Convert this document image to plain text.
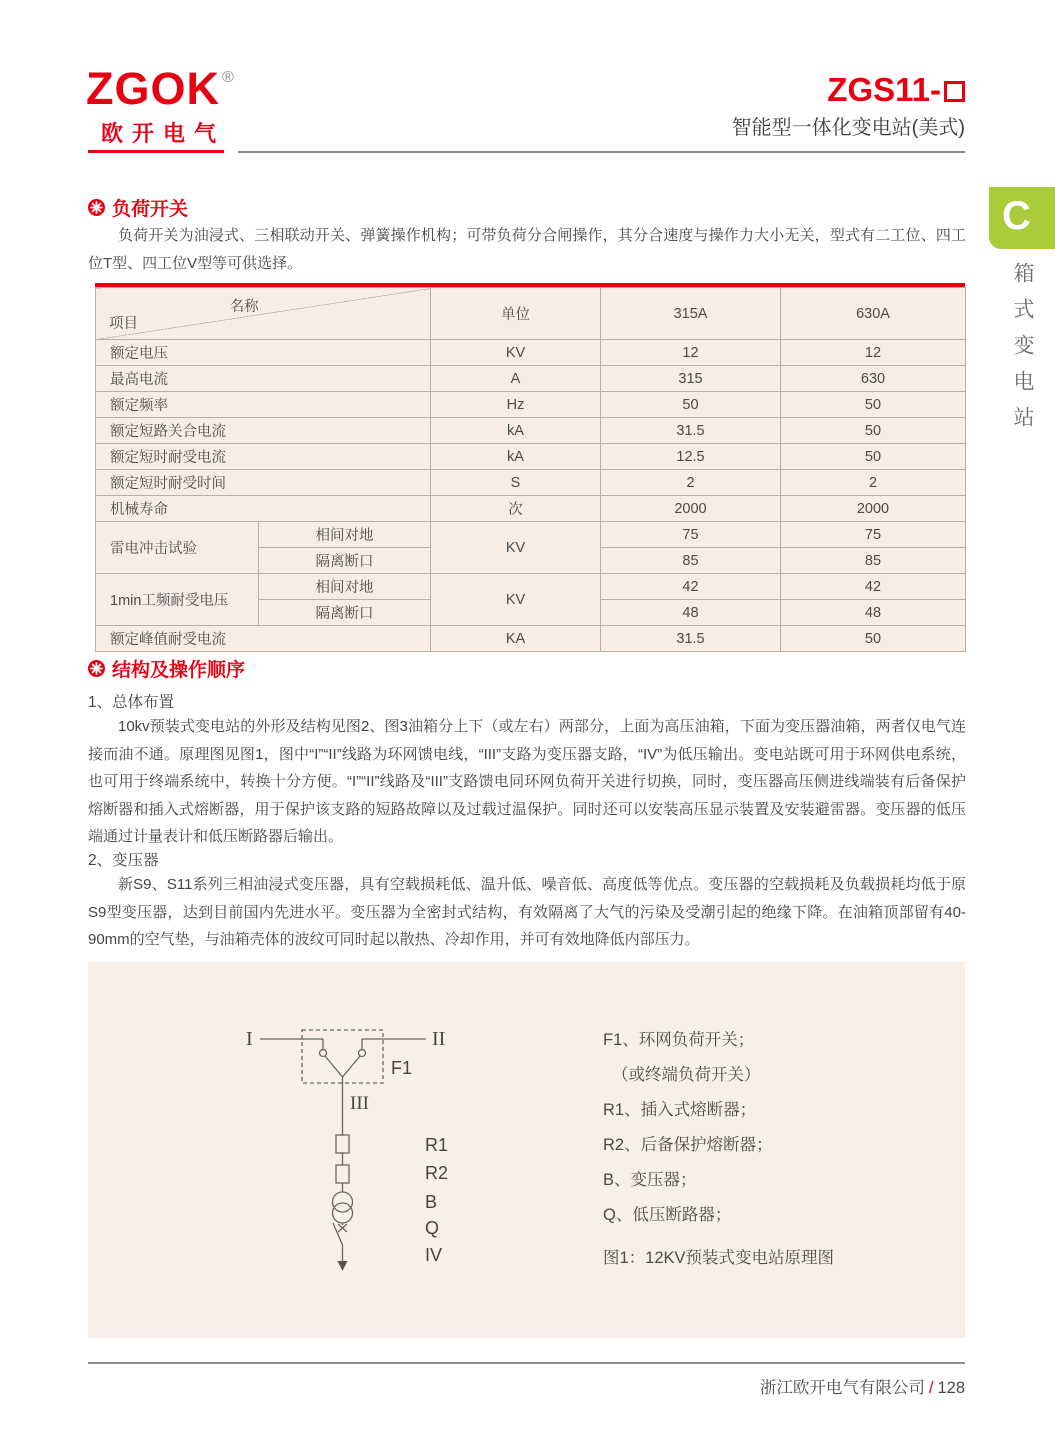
ZGOK ®
欧开电气
ZGS11-
智能型一体化变电站(美式)
C
箱式变电站
负荷开关
负荷开关为油浸式、三相联动开关、弹簧操作机构；可带负荷分合闸操作，其分合速度与操作力大小无关，型式有二工位、四工位T型、四工位V型等可供选择。
名称
项目		单位	315A	630A
额定电压		KV	12	12
最高电流		A	315	630
额定频率		Hz	50	50
额定短路关合电流		kA	31.5	50
额定短时耐受电流		kA	12.5	50
额定短时耐受时间		S	2	2
机械寿命		次	2000	2000
雷电冲击试验	相间对地	KV	75	75
	隔离断口		85	85
1min工频耐受电压	相间对地	KV	42	42
	隔离断口		48	48
额定峰值耐受电流		KA	31.5	50
结构及操作顺序
1、总体布置
10kv预装式变电站的外形及结构见图2、图3油箱分上下（或左右）两部分，上面为高压油箱，下面为变压器油箱，两者仅电气连接而油不通。原理图见图1，图中“I”“II”线路为环网馈电线，“III”支路为变压器支路，“IV”为低压输出。变电站既可用于环网供电系统，也可用于终端系统中，转换十分方便。“I”“II”线路及“III”支路馈电同环网负荷开关进行切换，同时，变压器高压侧进线端装有后备保护熔断器和插入式熔断器，用于保护该支路的短路故障以及过载过温保护。同时还可以安装高压显示装置及安装避雷器。变压器的低压端通过计量表计和低压断路器后输出。
2、变压器
新S9、S11系列三相油浸式变压器，具有空载损耗低、温升低、噪音低、高度低等优点。变压器的空载损耗及负载损耗均低于原S9型变压器，达到目前国内先进水平。变压器为全密封式结构，有效隔离了大气的污染及受潮引起的绝缘下降。在油箱顶部留有40-90mm的空气垫，与油箱壳体的波纹可同时起以散热、冷却作用，并可有效地降低内部压力。
I	II
III
F1
R1
R2
B
Q
IV
F1、环网负荷开关；
（或终端负荷开关）
R1、插入式熔断器；
R2、后备保护熔断器；
B、变压器；
Q、低压断路器；
图1：12KV预装式变电站原理图
浙江欧开电气有限公司 / 128
